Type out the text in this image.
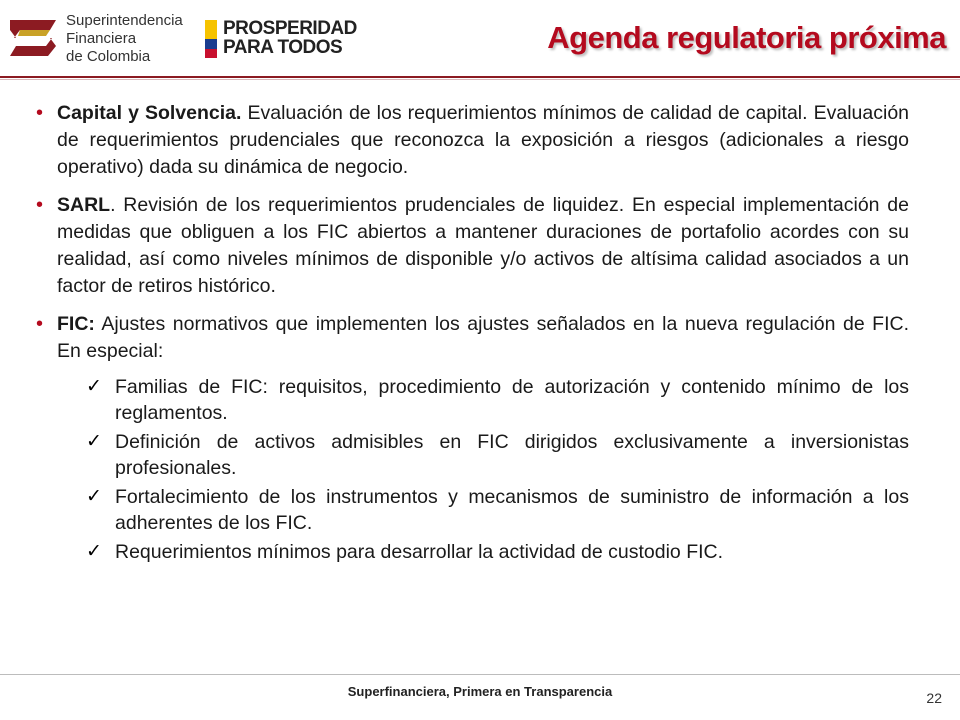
Superintendencia
Financiera
de Colombia
PROSPERIDAD
PARA TODOS	Agenda regulatoria próxima
• Capital y Solvencia. Evaluación de los requerimientos mínimos de calidad de capital. Evaluación de requerimientos prudenciales que reconozca la exposición a riesgos (adicionales a riesgo operativo) dada su dinámica de negocio.
• SARL. Revisión de los requerimientos prudenciales de liquidez. En especial implementación de medidas que obliguen a los FIC abiertos a mantener duraciones de portafolio acordes con su realidad, así como niveles mínimos de disponible y/o activos de altísima calidad asociados a un factor de retiros histórico.
• FIC: Ajustes normativos que implementen los ajustes señalados en la nueva regulación de FIC. En especial:
✓ Familias de FIC: requisitos, procedimiento de autorización y contenido mínimo de los reglamentos.
✓ Definición de activos admisibles en FIC dirigidos exclusivamente a inversionistas profesionales.
✓ Fortalecimiento de los instrumentos y mecanismos de suministro de información a los adherentes de los FIC.
✓ Requerimientos mínimos para desarrollar la actividad de custodio FIC.
Superfinanciera, Primera en Transparencia	22
